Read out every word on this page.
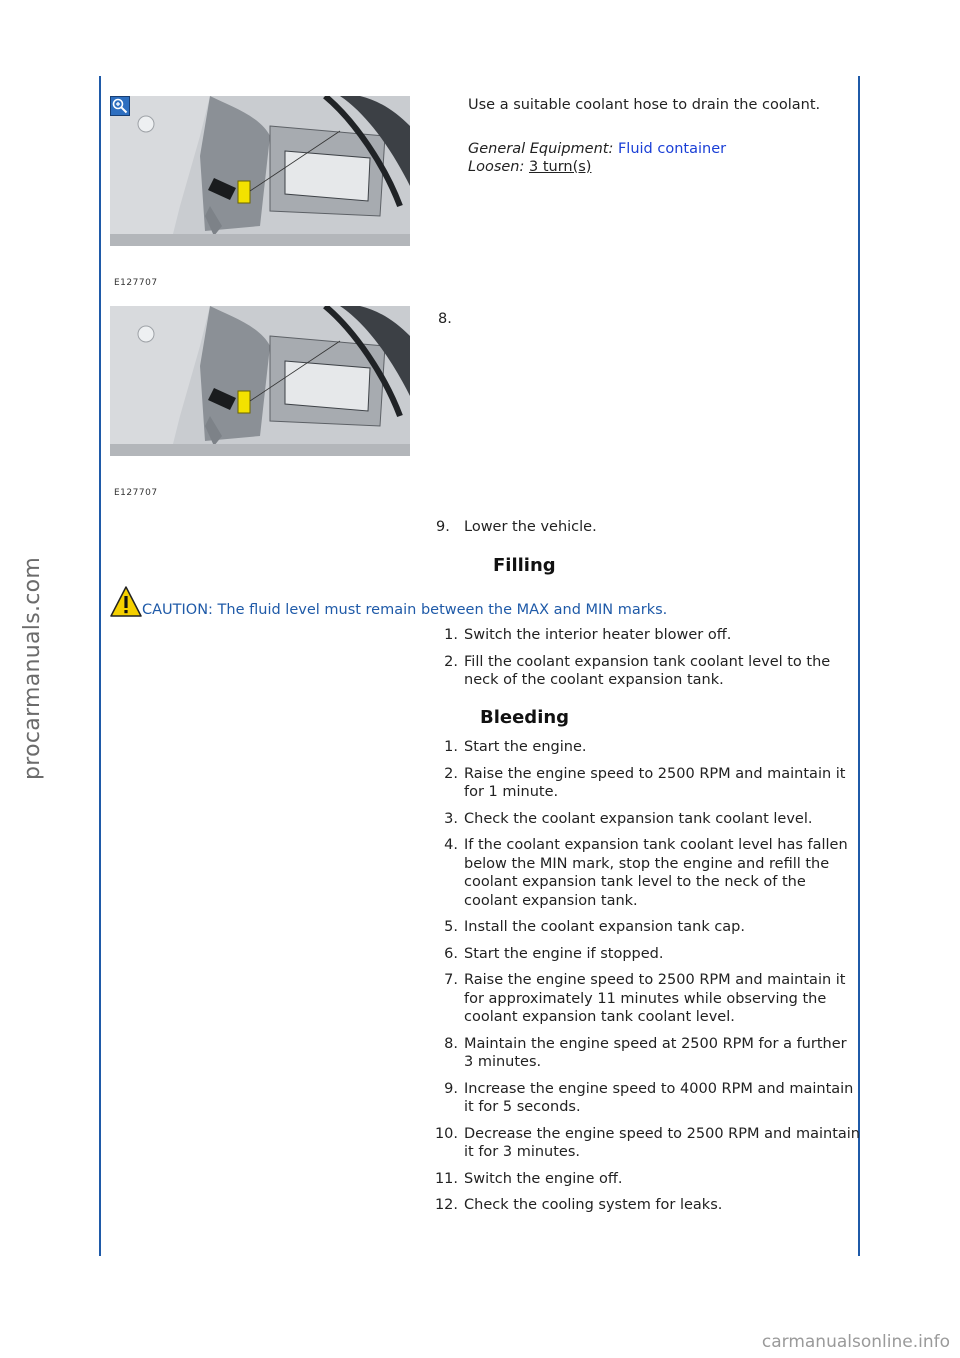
procarmanuals.com
carmanualsonline.info
E127707
Use a suitable coolant hose to drain the coolant.
General Equipment: Fluid container
Loosen: 3 turn(s)
E127707
8.
9. Lower the vehicle.
Filling
CAUTION: The fluid level must remain between the MAX and MIN marks.
1. Switch the interior heater blower off.
2. Fill the coolant expansion tank coolant level to the neck of the coolant expansion tank.
Bleeding
1. Start the engine.
2. Raise the engine speed to 2500 RPM and maintain it for 1 minute.
3. Check the coolant expansion tank coolant level.
4. If the coolant expansion tank coolant level has fallen below the MIN mark, stop the engine and refill the coolant expansion tank level to the neck of the coolant expansion tank.
5. Install the coolant expansion tank cap.
6. Start the engine if stopped.
7. Raise the engine speed to 2500 RPM and maintain it for approximately 11 minutes while observing the coolant expansion tank coolant level.
8. Maintain the engine speed at 2500 RPM for a further 3 minutes.
9. Increase the engine speed to 4000 RPM and maintain it for 5 seconds.
10. Decrease the engine speed to 2500 RPM and maintain it for 3 minutes.
11. Switch the engine off.
12. Check the cooling system for leaks.
